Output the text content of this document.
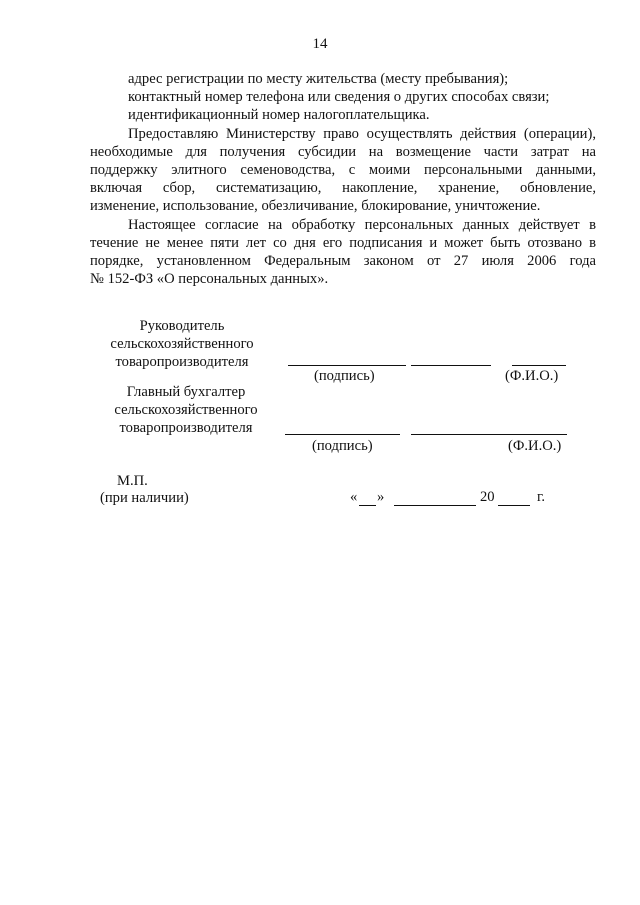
14
адрес регистрации по месту жительства (месту пребывания);
контактный номер телефона или сведения о других способах связи;
идентификационный номер налогоплательщика.
Предоставляю Министерству право осуществлять действия (операции),
необходимые для получения субсидии на возмещение части затрат на
поддержку элитного семеноводства, с моими персональными данными,
включая сбор, систематизацию, накопление, хранение, обновление,
изменение, использование, обезличивание, блокирование, уничтожение.
Настоящее согласие на обработку персональных данных действует в
течение не менее пяти лет со дня его подписания и может быть отозвано в
порядке, установленном Федеральным законом от 27 июля 2006 года
№ 152-ФЗ «О персональных данных».
Руководитель
сельскохозяйственного
товаропроизводителя
(подпись)	(Ф.И.О.)
Главный бухгалтер
сельскохозяйственного
товаропроизводителя
(подпись)	(Ф.И.О.)
М.П.
(при наличии)	« »	20	г.
